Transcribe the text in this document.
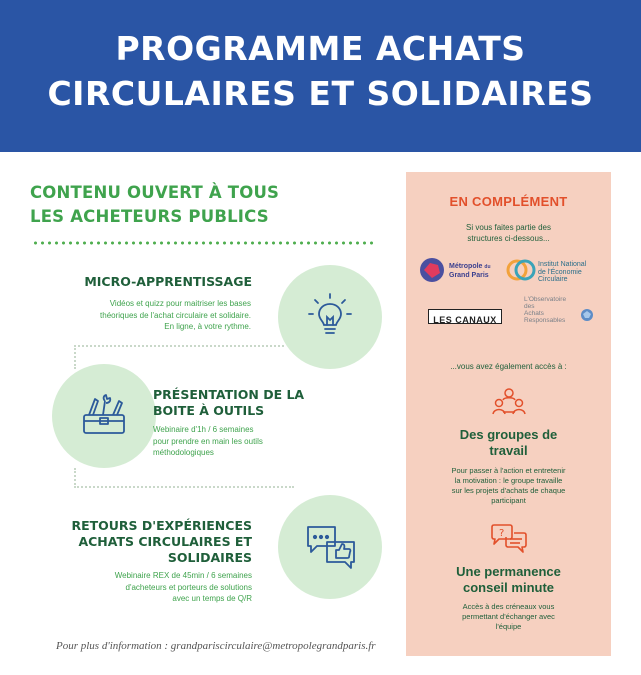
PROGRAMME ACHATS
CIRCULAIRES ET SOLIDAIRES
CONTENU OUVERT À TOUS
LES ACHETEURS PUBLICS
MICRO-APPRENTISSAGE
Vidéos et quizz pour maitriser les bases
théoriques de l'achat circulaire et solidaire.
En ligne, à votre rythme.
PRÉSENTATION DE LA
BOITE À OUTILS
Webinaire d'1h / 6 semaines
pour prendre en main les outils
méthodologiques
RETOURS D'EXPÉRIENCES
ACHATS CIRCULAIRES ET
SOLIDAIRES
Webinaire REX de 45min / 6 semaines
d'acheteurs et porteurs de solutions
avec un temps de Q/R
Pour plus d'information : grandpariscirculaire@metropolegrandparis.fr
EN COMPLÉMENT
Si vous faites partie des
structures ci-dessous...
Métropole du
Grand Paris
Institut National
de l'Économie
Circulaire
LES CANAUX
L'Observatoire
des
Achats
Responsables
...vous avez également accès à :
Des groupes de
travail
Pour passer à l'action et entretenir
la motivation : le groupe travaille
sur les projets d'achats de chaque
participant
?
Une permanence
conseil minute
Accès à des créneaux vous
permettant d'échanger avec
l'équipe
